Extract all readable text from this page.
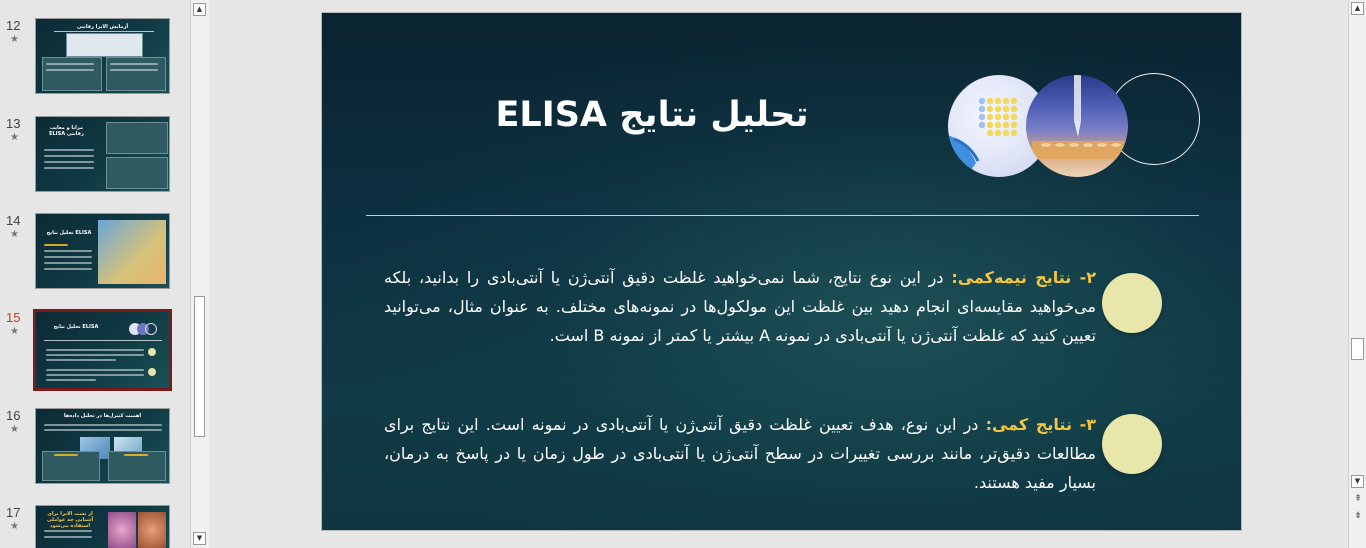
12
★
آزمایش الایزا رقابتی
13
★
مزایا و معایب ELISA رقابتی
14
★	تحلیل نتایج ELISA
15
★	تحلیل نتایج ELISA
16
★
اهمیت کنترل‌ها در تحلیل داده‌ها
17
★
از تست الایزا برای آشنایی چه عواملی استفاده می‌شود
▲
▼
تحلیل نتایج ELISA
۲- نتایج نیمه‌کمی: در این نوع نتایج، شما نمی‌خواهید غلظت دقیق آنتی‌ژن یا آنتی‌بادی را بدانید، بلکه می‌خواهید مقایسه‌ای انجام دهید بین غلظت این مولکول‌ها در نمونه‌های مختلف. به عنوان مثال، می‌توانید تعیین کنید که غلظت آنتی‌ژن یا آنتی‌بادی در نمونه A بیشتر یا کمتر از نمونه B است.
۳- نتایج کمی: در این نوع، هدف تعیین غلظت دقیق آنتی‌ژن یا آنتی‌بادی در نمونه است. این نتایج برای مطالعات دقیق‌تر، مانند بررسی تغییرات در سطح آنتی‌ژن یا آنتی‌بادی در طول زمان یا در پاسخ به درمان، بسیار مفید هستند.
▲
▼
⇞
⇟
